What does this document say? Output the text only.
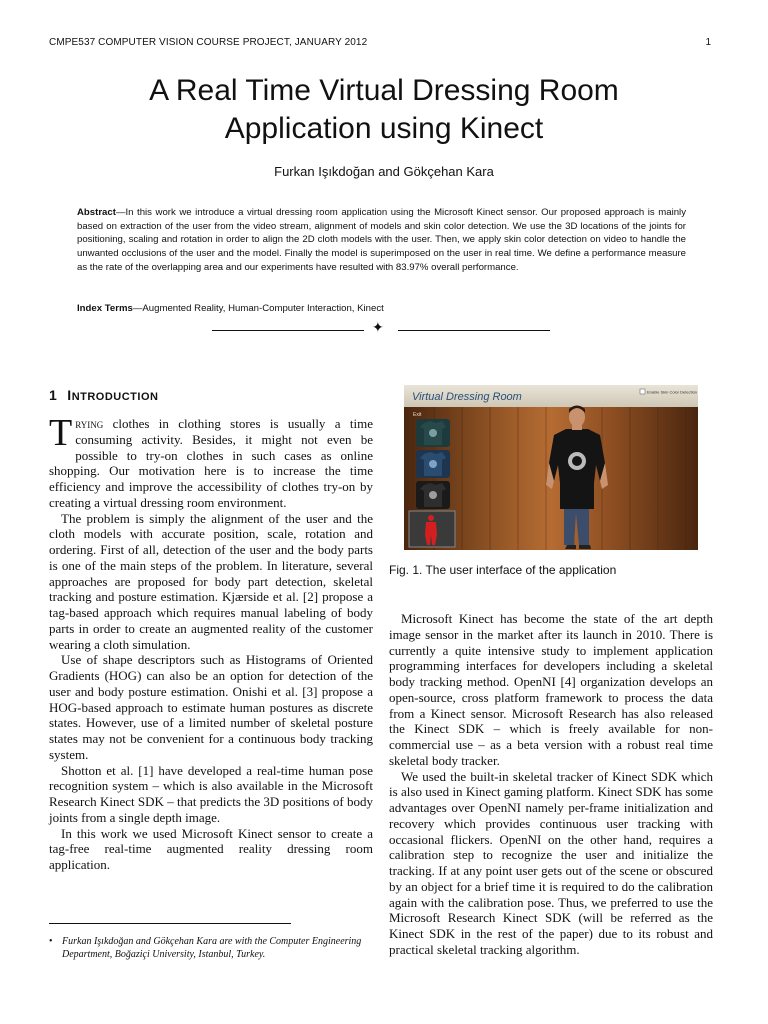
CMPE537 COMPUTER VISION COURSE PROJECT, JANUARY 2012	1
A Real Time Virtual Dressing Room
Application using Kinect
Furkan Işıkdoğan and Gökçehan Kara
Abstract—In this work we introduce a virtual dressing room application using the Microsoft Kinect sensor. Our proposed approach is mainly based on extraction of the user from the video stream, alignment of models and skin color detection. We use the 3D locations of the joints for positioning, scaling and rotation in order to align the 2D cloth models with the user. Then, we apply skin color detection on video to handle the unwanted occlusions of the user and the model. Finally the model is superimposed on the user in real time. We define a performance measure as the rate of the overlapping area and our experiments have resulted with 83.97% overall performance.
Index Terms—Augmented Reality, Human-Computer Interaction, Kinect
✦
1 INTRODUCTION

Trying clothes in clothing stores is usually a time consuming activity. Besides, it might not even be possible to try-on clothes in such cases as online shopping. Our motivation here is to increase the time efficiency and improve the accessibility of clothes try-on by creating a virtual dressing room environment.

The problem is simply the alignment of the user and the cloth models with accurate position, scale, rotation and ordering. First of all, detection of the user and the body parts is one of the main steps of the problem. In literature, several approaches are proposed for body part detection, skeletal tracking and posture estimation. Kjærside et al. [2] propose a tag-based approach which requires manual labeling of body parts in order to create an augmented reality of the customer wearing a cloth simulation.

Use of shape descriptors such as Histograms of Oriented Gradients (HOG) can also be an option for detection of the user and body posture estimation. Onishi et al. [3] propose a HOG-based approach to estimate human postures as discrete states. However, use of a limited number of skeletal posture states may not be convenient for a continuous body tracking system.

Shotton et al. [1] have developed a real-time human pose recognition system – which is also available in the Microsoft Research Kinect SDK – that predicts the 3D positions of body joints from a single depth image.

In this work we used Microsoft Kinect sensor to create a tag-free real-time augmented reality dressing room application.

• Furkan Işıkdoğan and Gökçehan Kara are with the Computer Engineering Department, Boğaziçi University, Istanbul, Turkey.
Virtual Dressing Room	Enable Skin Color Detection
Exit
Fig. 1. The user interface of the application

Microsoft Kinect has become the state of the art depth image sensor in the market after its launch in 2010. There is currently a quite intensive study to implement application programming interfaces for developers including a skeletal body tracking method. OpenNI [4] organization develops an open-source, cross platform framework to process the data from a Kinect sensor. Microsoft Research has also released the Kinect SDK – which is freely available for non-commercial use – as a beta version with a robust real time skeletal body tracker.

We used the built-in skeletal tracker of Kinect SDK which is also used in Kinect gaming platform. Kinect SDK has some advantages over OpenNI namely per-frame initialization and recovery which provides continuous user tracking with occasional flickers. OpenNI on the other hand, requires a calibration step to recognize the user and initialize the tracking. If at any point user gets out of the scene or obscured by an object for a brief time it is required to do the calibration again with the calibration pose. Thus, we preferred to use the Microsoft Research Kinect SDK (will be referred as the Kinect SDK in the rest of the paper) due to its robust and practical skeletal tracking algorithm.
